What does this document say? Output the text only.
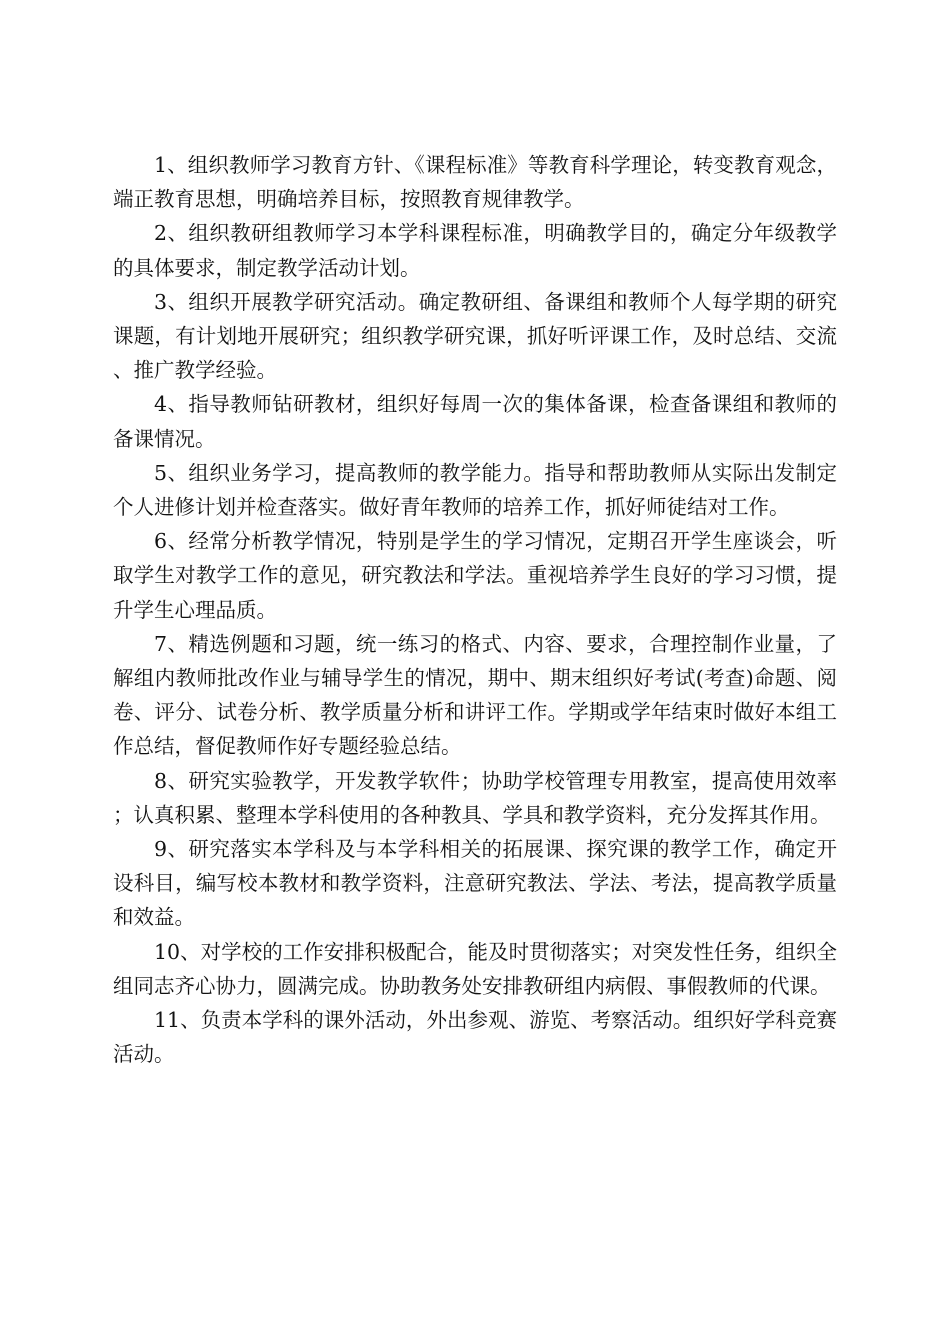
1、组织教师学习教育方针、《课程标准》等教育科学理论，转变教育观念，端正教育思想，明确培养目标，按照教育规律教学。

2、组织教研组教师学习本学科课程标准，明确教学目的，确定分年级教学的具体要求，制定教学活动计划。

3、组织开展教学研究活动。确定教研组、备课组和教师个人每学期的研究课题，有计划地开展研究；组织教学研究课，抓好听评课工作，及时总结、交流、推广教学经验。

4、指导教师钻研教材，组织好每周一次的集体备课，检查备课组和教师的备课情况。

5、组织业务学习，提高教师的教学能力。指导和帮助教师从实际出发制定个人进修计划并检查落实。做好青年教师的培养工作，抓好师徒结对工作。

6、经常分析教学情况，特别是学生的学习情况，定期召开学生座谈会，听取学生对教学工作的意见，研究教法和学法。重视培养学生良好的学习习惯，提升学生心理品质。

7、精选例题和习题，统一练习的格式、内容、要求，合理控制作业量，了解组内教师批改作业与辅导学生的情况，期中、期末组织好考试(考查)命题、阅卷、评分、试卷分析、教学质量分析和讲评工作。学期或学年结束时做好本组工作总结，督促教师作好专题经验总结。

8、研究实验教学，开发教学软件；协助学校管理专用教室，提高使用效率；认真积累、整理本学科使用的各种教具、学具和教学资料，充分发挥其作用。

9、研究落实本学科及与本学科相关的拓展课、探究课的教学工作，确定开设科目，编写校本教材和教学资料，注意研究教法、学法、考法，提高教学质量和效益。

10、对学校的工作安排积极配合，能及时贯彻落实；对突发性任务，组织全组同志齐心协力，圆满完成。协助教务处安排教研组内病假、事假教师的代课。

11、负责本学科的课外活动，外出参观、游览、考察活动。组织好学科竞赛活动。
